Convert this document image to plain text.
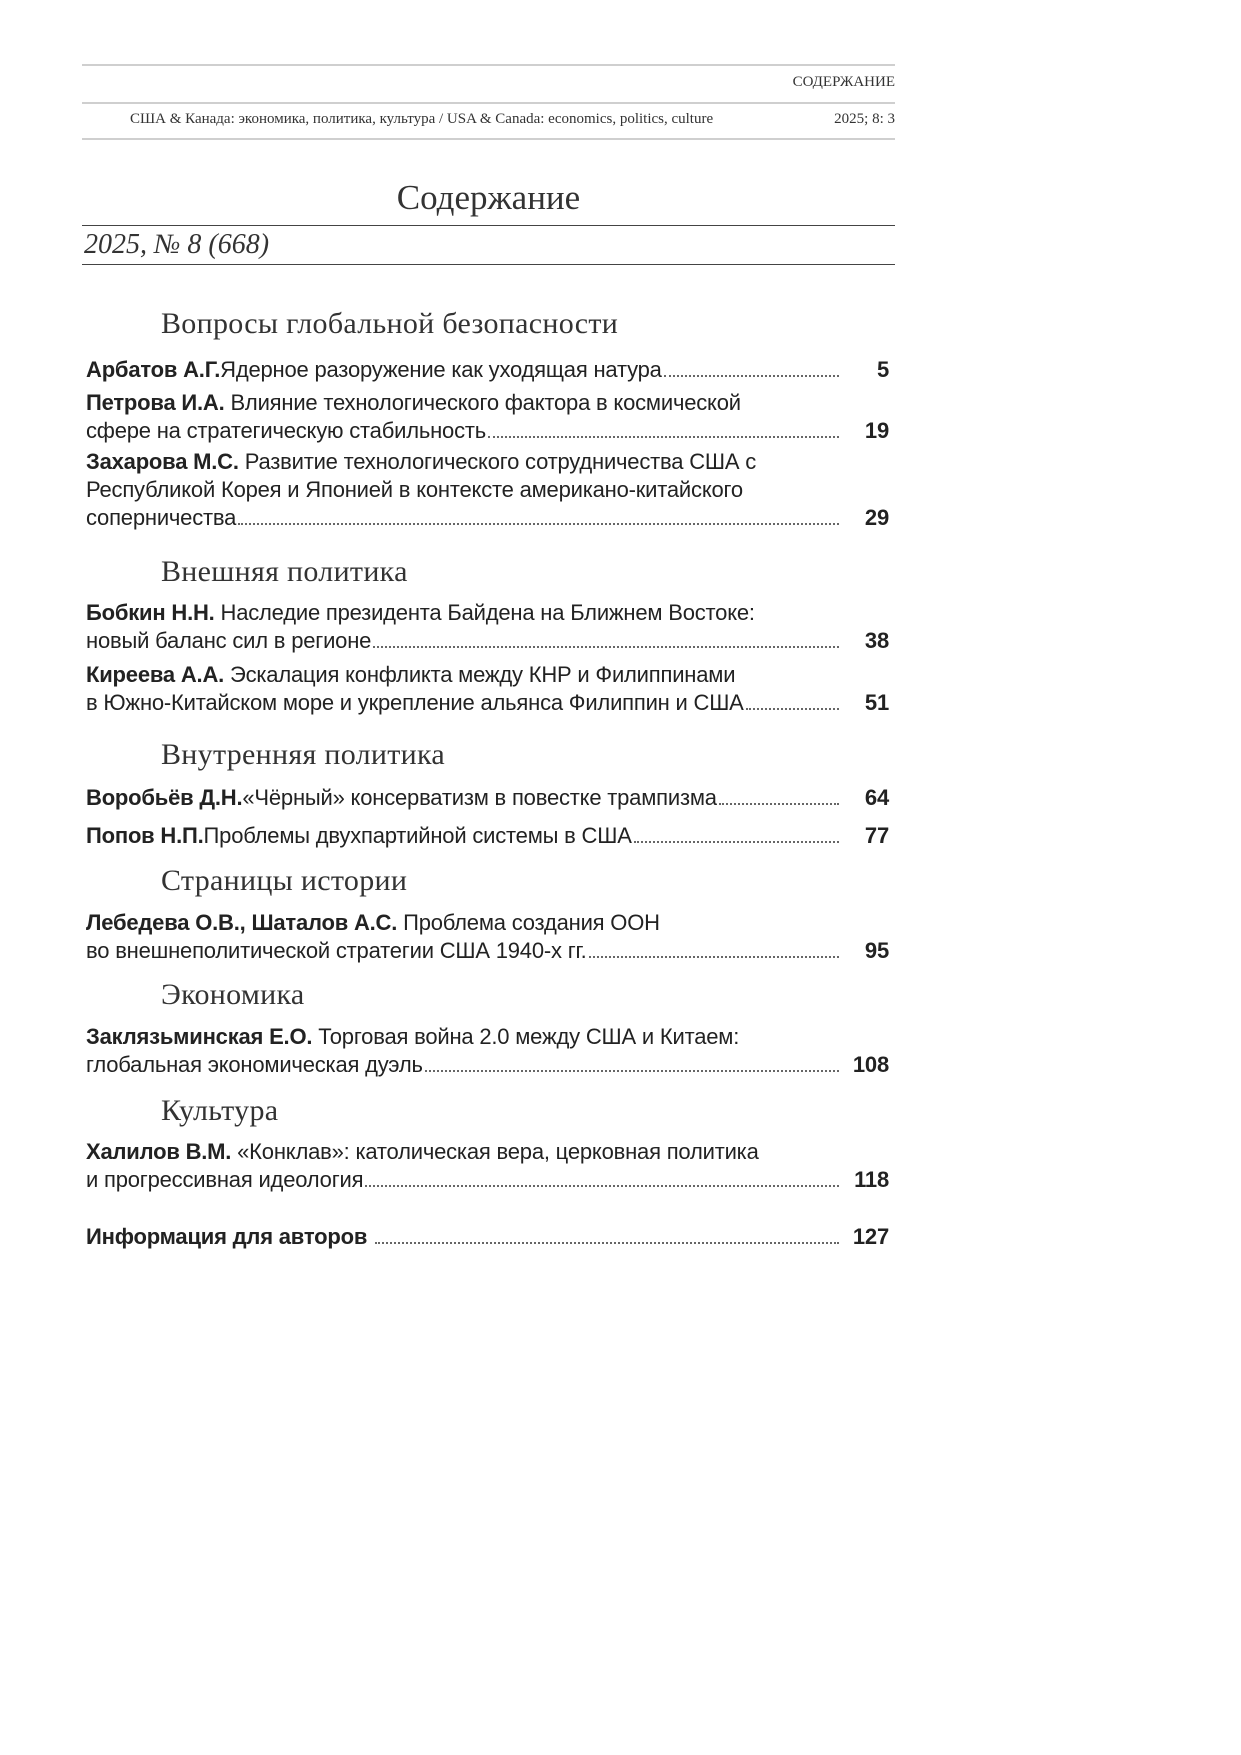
СОДЕРЖАНИЕ
США & Канада: экономика, политика, культура / USA & Canada: economics, politics, culture	2025; 8: 3
Содержание
2025, № 8 (668)
Вопросы глобальной безопасности
Арбатов А.Г. Ядерное разоружение как уходящая натура	5
Петрова И.А. Влияние технологического фактора в космической
сфере на стратегическую стабильность	19
Захарова М.С. Развитие технологического сотрудничества США с
Республикой Корея и Японией в контексте американо-китайского
соперничества	29
Внешняя политика
Бобкин Н.Н. Наследие президента Байдена на Ближнем Востоке:
новый баланс сил в регионе	38
Киреева А.А. Эскалация конфликта между КНР и Филиппинами
в Южно-Китайском море и укрепление альянса Филиппин и США	51
Внутренняя политика
Воробьёв Д.Н. «Чёрный» консерватизм в повестке трампизма	64
Попов Н.П. Проблемы двухпартийной системы в США	77
Страницы истории
Лебедева О.В., Шаталов А.С. Проблема создания ООН
во внешнеполитической стратегии США 1940-х гг.	95
Экономика
Заклязьминская Е.О. Торговая война 2.0 между США и Китаем:
глобальная экономическая дуэль	108
Культура
Халилов В.М. «Конклав»: католическая вера, церковная политика
и прогрессивная идеология	118
Информация для авторов	127
